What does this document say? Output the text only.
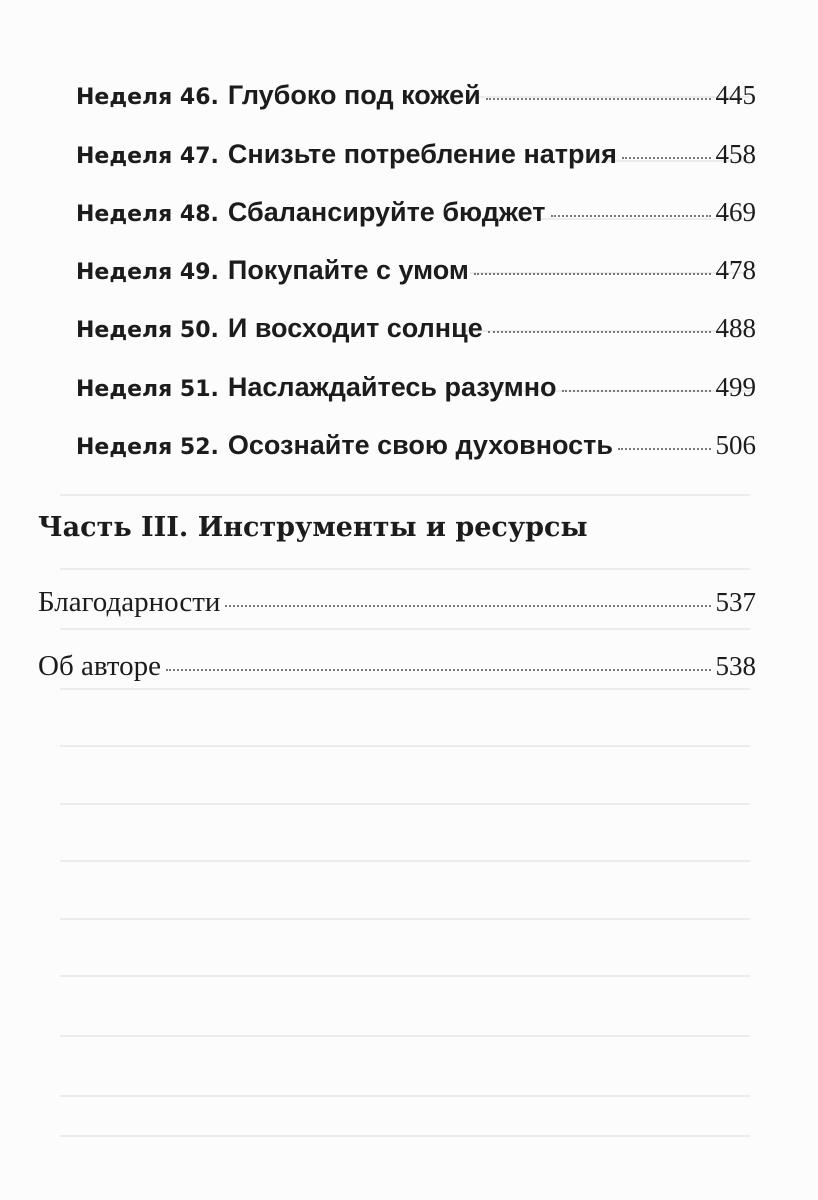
Неделя 46. Глубоко под кожей	445
Неделя 47. Снизьте потребление натрия	458
Неделя 48. Сбалансируйте бюджет	469
Неделя 49. Покупайте с умом	478
Неделя 50. И восходит солнце	488
Неделя 51. Наслаждайтесь разумно	499
Неделя 52. Осознайте свою духовность	506
Часть III. Инструменты и ресурсы
Благодарности	537
Об авторе	538
